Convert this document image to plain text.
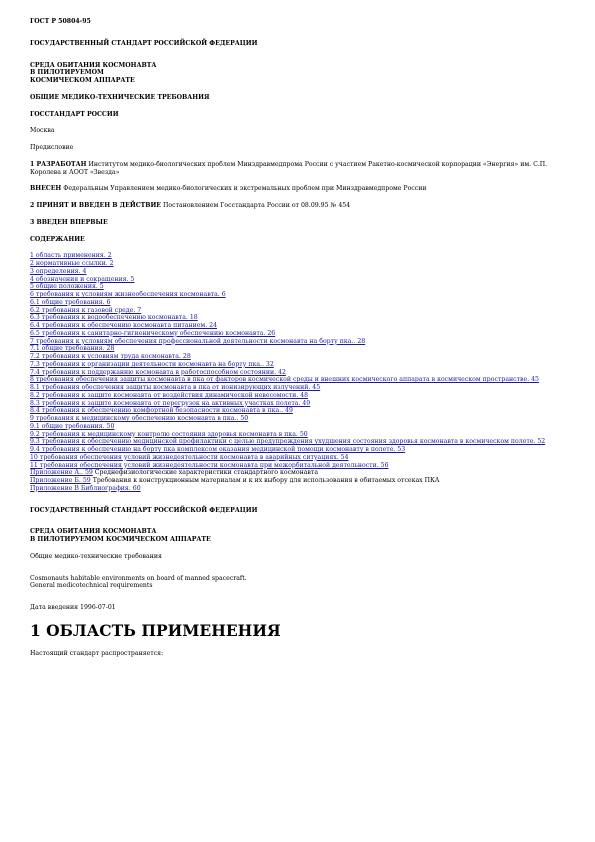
ГОСТ Р 50804-95

ГОСУДАРСТВЕННЫЙ СТАНДАРТ РОССИЙСКОЙ ФЕДЕРАЦИИ

СРЕДА ОБИТАНИЯ КОСМОНАВТА

В ПИЛОТИРУЕМОМ

КОСМИЧЕСКОМ АППАРАТЕ

ОБЩИЕ МЕДИКО-ТЕХНИЧЕСКИЕ ТРЕБОВАНИЯ

ГОССТАНДАРТ РОССИИ

Москва

Предисловие

1 РАЗРАБОТАН Институтом медико-биологических проблем Минздравмедпрома России с участием Ракетно-космической корпорации «Энергия» им. С.П. Королева и АООТ «Звезда»

ВНЕСЕН Федеральным Управлением медико-биологических и экстремальных проблем при Минздравмедпроме России

2 ПРИНЯТ И ВВЕДЕН В ДЕЙСТВИЕ Постановлением Госстандарта России от 08.09.95 № 454

3 ВВЕДЕН ВПЕРВЫЕ

СОДЕРЖАНИЕ

1 область применения. 2
2 нормативные ссылки. 2
3 определения. 4
4 обозначения и сокращения. 5
5 общие положения. 5
6 требования к условиям жизнеобеспечения космонавта. 6
6.1 общие требования. 6
6.2 требования к газовой среде. 7
6.3 требования к водообеспечению космонавта. 18
6.4 требования к обеспечению космонавта питанием. 24
6.5 требования к санитарно-гигиеническому обеспечению космонавта. 26
7 требования к условиям обеспечения профессиональной деятельности космонавта на борту пка.. 28
7.1 общие требования. 28
7.2 требования к условиям труда космонавта. 28
7.3 требования к организации деятельности космонавта на борту пка.. 32
7.4 требования к поддержанию космонавта в работоспособном состоянии. 42
8 требования обеспечения защиты космонавта в пка от факторов космической среды и внешних космического аппарата в космическом пространстве. 45
8.1 требования обеспечения защиты космонавта в пка от ионизирующих излучений. 45
8.2 требования к защите космонавта от воздействия динамической невесомости. 48
8.3 требования к защите космонавта от перегрузок на активных участках полета. 49
8.4 требования к обеспечению комфортной безопасности космонавта в пка.. 49
9 требования к медицинскому обеспечению космонавта в пка.. 50
9.1 общие требования. 50
9.2 требования к медицинскому контролю состояния здоровья космонавта в пка. 50
9.3 требования к обеспечению медицинской профилактики с целью предупреждения ухудшения состояния здоровья космонавта в космическом полете. 52
9.4 требования к обеспечению на борту пка комплексом оказания медицинской помощи космонавту в полете. 53
10 требования обеспечения условий жизнедеятельности космонавта в аварийных ситуациях. 54
11 требования обеспечения условий жизнедеятельности космонавта при межорбитальной деятельности. 56
Приложение А.. 59 Среднефизиологические характеристики стандартного космонавта
Приложение Б. 59 Требования к конструкционным материалам и к их выбору для использования в обитаемых отсеках ПКА
Приложение В Библиография. 60

ГОСУДАРСТВЕННЫЙ СТАНДАРТ РОССИЙСКОЙ ФЕДЕРАЦИИ

СРЕДА ОБИТАНИЯ КОСМОНАВТА

В ПИЛОТИРУЕМОМ КОСМИЧЕСКОМ АППАРАТЕ

Общие медико-технические требования

Cosmonauts habitable environments on board of manned spacecraft.

General medicotechnical requirements

Дата введения 1996-07-01

1 ОБЛАСТЬ ПРИМЕНЕНИЯ

Настоящий стандарт распространяется:
